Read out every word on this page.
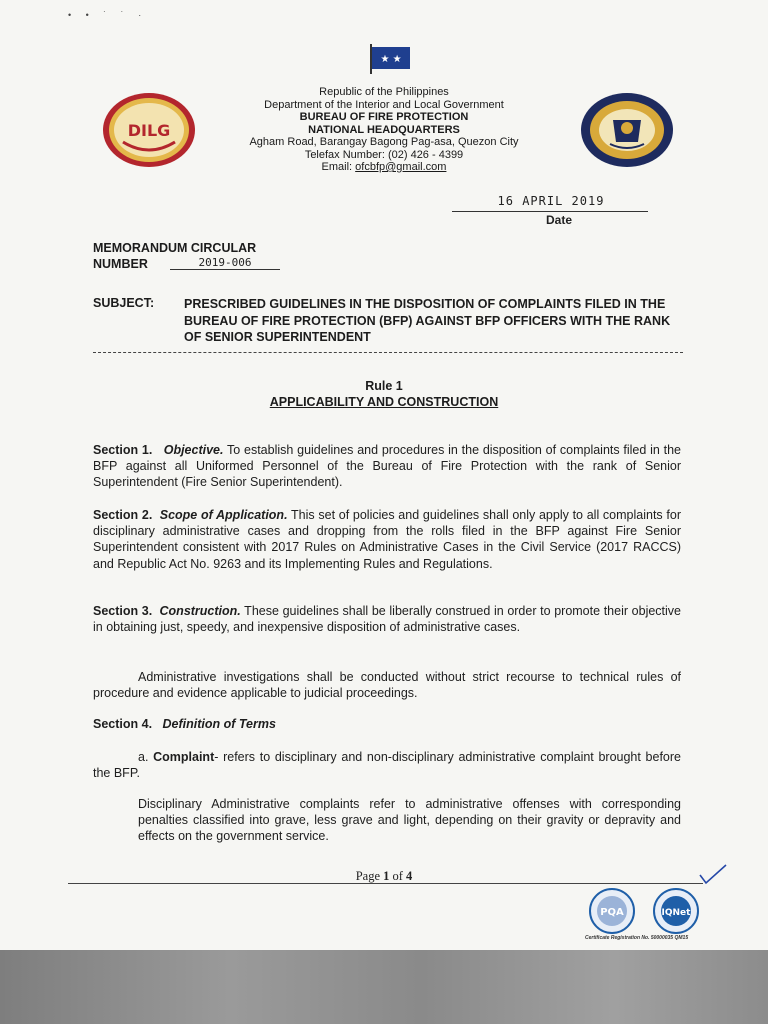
• • ˙ ˙ ·
★ ★
DILG
Republic of the Philippines
Department of the Interior and Local Government
BUREAU OF FIRE PROTECTION
NATIONAL HEADQUARTERS
Agham Road, Barangay Bagong Pag-asa, Quezon City
Telefax Number: (02) 426 - 4399
Email: ofcbfp@gmail.com
16 APRIL 2019
Date
MEMORANDUM CIRCULAR
NUMBER	2019-006
SUBJECT: PRESCRIBED GUIDELINES IN THE DISPOSITION OF COMPLAINTS FILED IN THE BUREAU OF FIRE PROTECTION (BFP) AGAINST BFP OFFICERS WITH THE RANK OF SENIOR SUPERINTENDENT
Rule 1
APPLICABILITY AND CONSTRUCTION
Section 1. Objective. To establish guidelines and procedures in the disposition of complaints filed in the BFP against all Uniformed Personnel of the Bureau of Fire Protection with the rank of Senior Superintendent (Fire Senior Superintendent).
Section 2. Scope of Application. This set of policies and guidelines shall only apply to all complaints for disciplinary administrative cases and dropping from the rolls filed in the BFP against Fire Senior Superintendent consistent with 2017 Rules on Administrative Cases in the Civil Service (2017 RACCS) and Republic Act No. 9263 and its Implementing Rules and Regulations.
Section 3. Construction. These guidelines shall be liberally construed in order to promote their objective in obtaining just, speedy, and inexpensive disposition of administrative cases.
Administrative investigations shall be conducted without strict recourse to technical rules of procedure and evidence applicable to judicial proceedings.
Section 4. Definition of Terms
a. Complaint- refers to disciplinary and non-disciplinary administrative complaint brought before the BFP.
Disciplinary Administrative complaints refer to administrative offenses with corresponding penalties classified into grave, less grave and light, depending on their gravity or depravity and effects on the government service.
Page 1 of 4
PQA	IQNet
Certificate Registration No. 50000035 QM15
